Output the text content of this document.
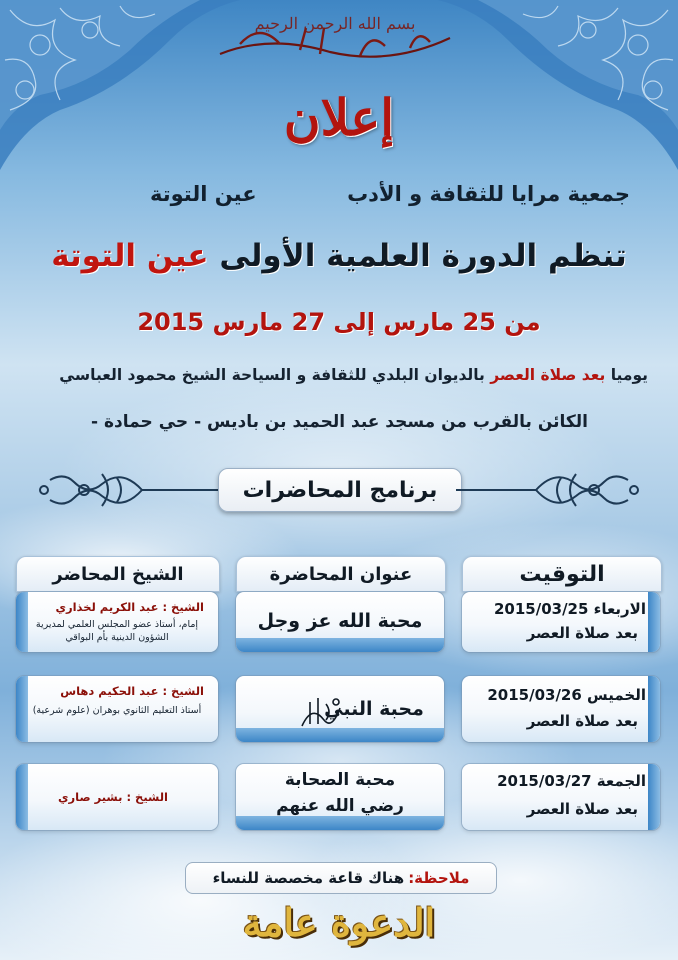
بسم الله الرحمن الرحيم
إعلان
جمعية مرايا للثقافة و الأدب
عين التوتة
تنظم الدورة العلمية الأولى عين التوتة
من 25 مارس إلى 27 مارس 2015
يوميا بعد صلاة العصر بالديوان البلدي للثقافة و السياحة الشيخ محمود العباسي
الكائن بالقرب من مسجد عبد الحميد بن باديس - حي حمادة -
برنامج المحاضرات
التوقيت
عنوان المحاضرة
الشيخ المحاضر
الاربعاء 2015/03/25
بعد صلاة العصر
محبة الله عز وجل
الشيخ : عبد الكريم لخذاري
إمام، أستاذ عضو المجلس العلمي لمديرية الشؤون الدينية بأم البواقي
الخميس 2015/03/26
بعد صلاة العصر
محبة النبي
الشيخ : عبد الحكيم دهاس
أستاذ التعليم الثانوي بوهران (علوم شرعية)
الجمعة 2015/03/27
بعد صلاة العصر
محبة الصحابة
رضي الله عنهم
الشيخ : بشير صاري
ملاحظة:
هناك قاعة مخصصة للنساء
الدعوة عامة
